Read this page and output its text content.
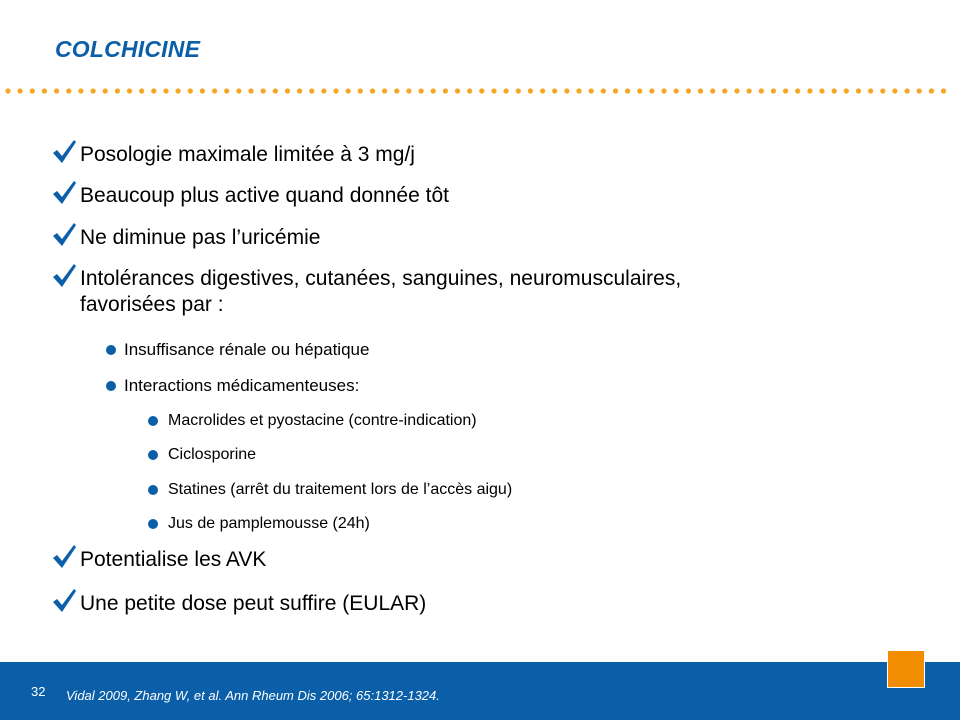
COLCHICINE
Posologie maximale limitée à 3 mg/j
Beaucoup plus active quand donnée tôt
Ne diminue pas l’uricémie
Intolérances digestives, cutanées, sanguines, neuromusculaires,
favorisées par :
Insuffisance rénale ou hépatique
Interactions médicamenteuses:
Macrolides et pyostacine (contre-indication)
Ciclosporine
Statines (arrêt du traitement lors de l’accès aigu)
Jus de pamplemousse (24h)
Potentialise les AVK
Une petite dose peut suffire (EULAR)
32 Vidal 2009, Zhang W, et al. Ann Rheum Dis 2006; 65:1312-1324.
